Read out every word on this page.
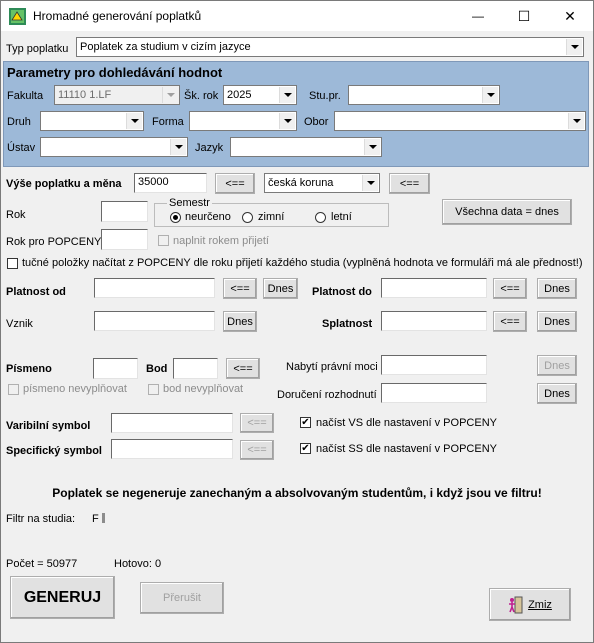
Hromadné generování poplatků	— ☐ ✕
Typ poplatku Poplatek za studium v cizím jazyce
Parametry pro dohledávání hodnot
Fakulta 11110 1.LF	Šk. rok 2025	Stu.pr.
Druh	Forma	Obor
Ústav	Jazyk
Výše poplatku a měna	35000	<==	česká koruna	<==
Rok
Semestr
neurčeno zimní	letní	Všechna data = dnes
Rok pro POPCENY	naplnit rokem přijetí
tučné položky načítat z POPCENY dle roku přijetí každého studia (vyplněná hodnota ve formuláři má ale přednost!)
Platnost od	<==	Dnes	Platnost do	<==	Dnes
Vznik	Dnes	Splatnost	<==	Dnes
Písmeno	Bod	<==
písmeno nevyplňovat	bod nevyplňovat
Nabytí právní moci	Dnes
Doručení rozhodnutí	Dnes
Varibilní symbol	<==	✔ načíst VS dle nastavení v POPCENY
Specifický symbol	<==	✔ načíst SS dle nastavení v POPCENY
Poplatek se negeneruje zanechaným a absolvovaným studentům, i když jsou ve filtru!
Filtr na studia: F
Počet = 50977	Hotovo: 0
GENERUJ	Přerušit
Zmiz
